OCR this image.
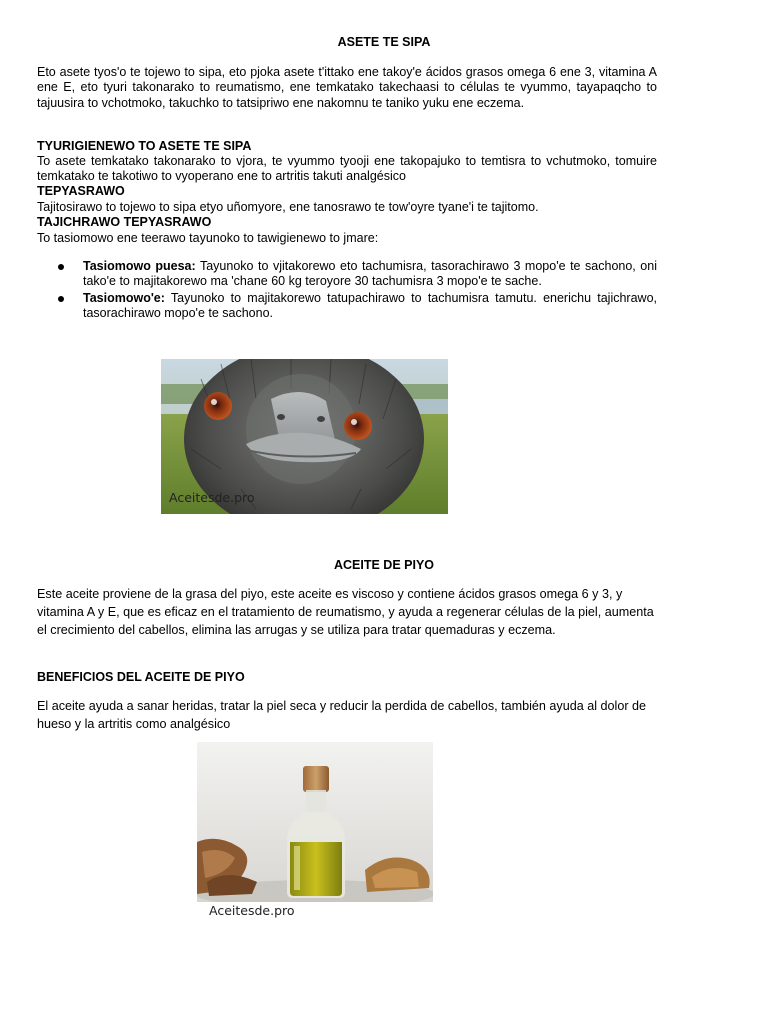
ASETE TE SIPA
Eto asete tyos'o te tojewo to sipa, eto pjoka asete t'ittako ene takoy'e ácidos grasos omega 6 ene 3, vitamina A ene E, eto tyuri takonarako to reumatismo, ene temkatako takechaasi to células te vyummo, tayapaqcho to tajuusira to vchotmoko, takuchko to tatsipriwo ene nakomnu te taniko yuku ene eczema.
TYURIGIENEWO TO ASETE TE SIPA
To asete temkatako takonarako to vjora, te vyummo tyooji ene takopajuko to temtisra to vchutmoko, tomuire temkatako te takotiwo to vyoperano ene to artritis takuti analgésico
TEPYASRAWO
Tajitosirawo to tojewo to sipa etyo uñomyore, ene tanosrawo te tow'oyre tyane'i te tajitomo.
TAJICHRAWO TEPYASRAWO
To tasiomowo ene teerawo tayunoko to tawigienewo to jmare:
Tasiomowo puesa: Tayunoko to vjitakorewo eto tachumisra, tasorachirawo 3 mopo'e te sachono, oni tako'e to majitakorewo ma 'chane 60 kg teroyore 30 tachumisra 3 mopo'e te sache.
Tasiomowo'e: Tayunoko to majitakorewo tatupachirawo to tachumisra tamutu. enerichu tajichrawo, tasorachirawo mopo'e te sachono.
Aceitesde.pro
ACEITE DE PIYO
Este aceite proviene de la grasa del piyo, este aceite es viscoso y contiene ácidos grasos omega 6 y 3, y vitamina A y E, que es eficaz en el tratamiento de reumatismo, y ayuda a regenerar células de la piel, aumenta el crecimiento del cabellos, elimina las arrugas y se utiliza para tratar quemaduras y eczema.
BENEFICIOS DEL ACEITE DE PIYO
El aceite ayuda a sanar heridas, tratar la piel seca y reducir la perdida de cabellos, también ayuda al dolor de hueso y la artritis como analgésico
Aceitesde.pro
